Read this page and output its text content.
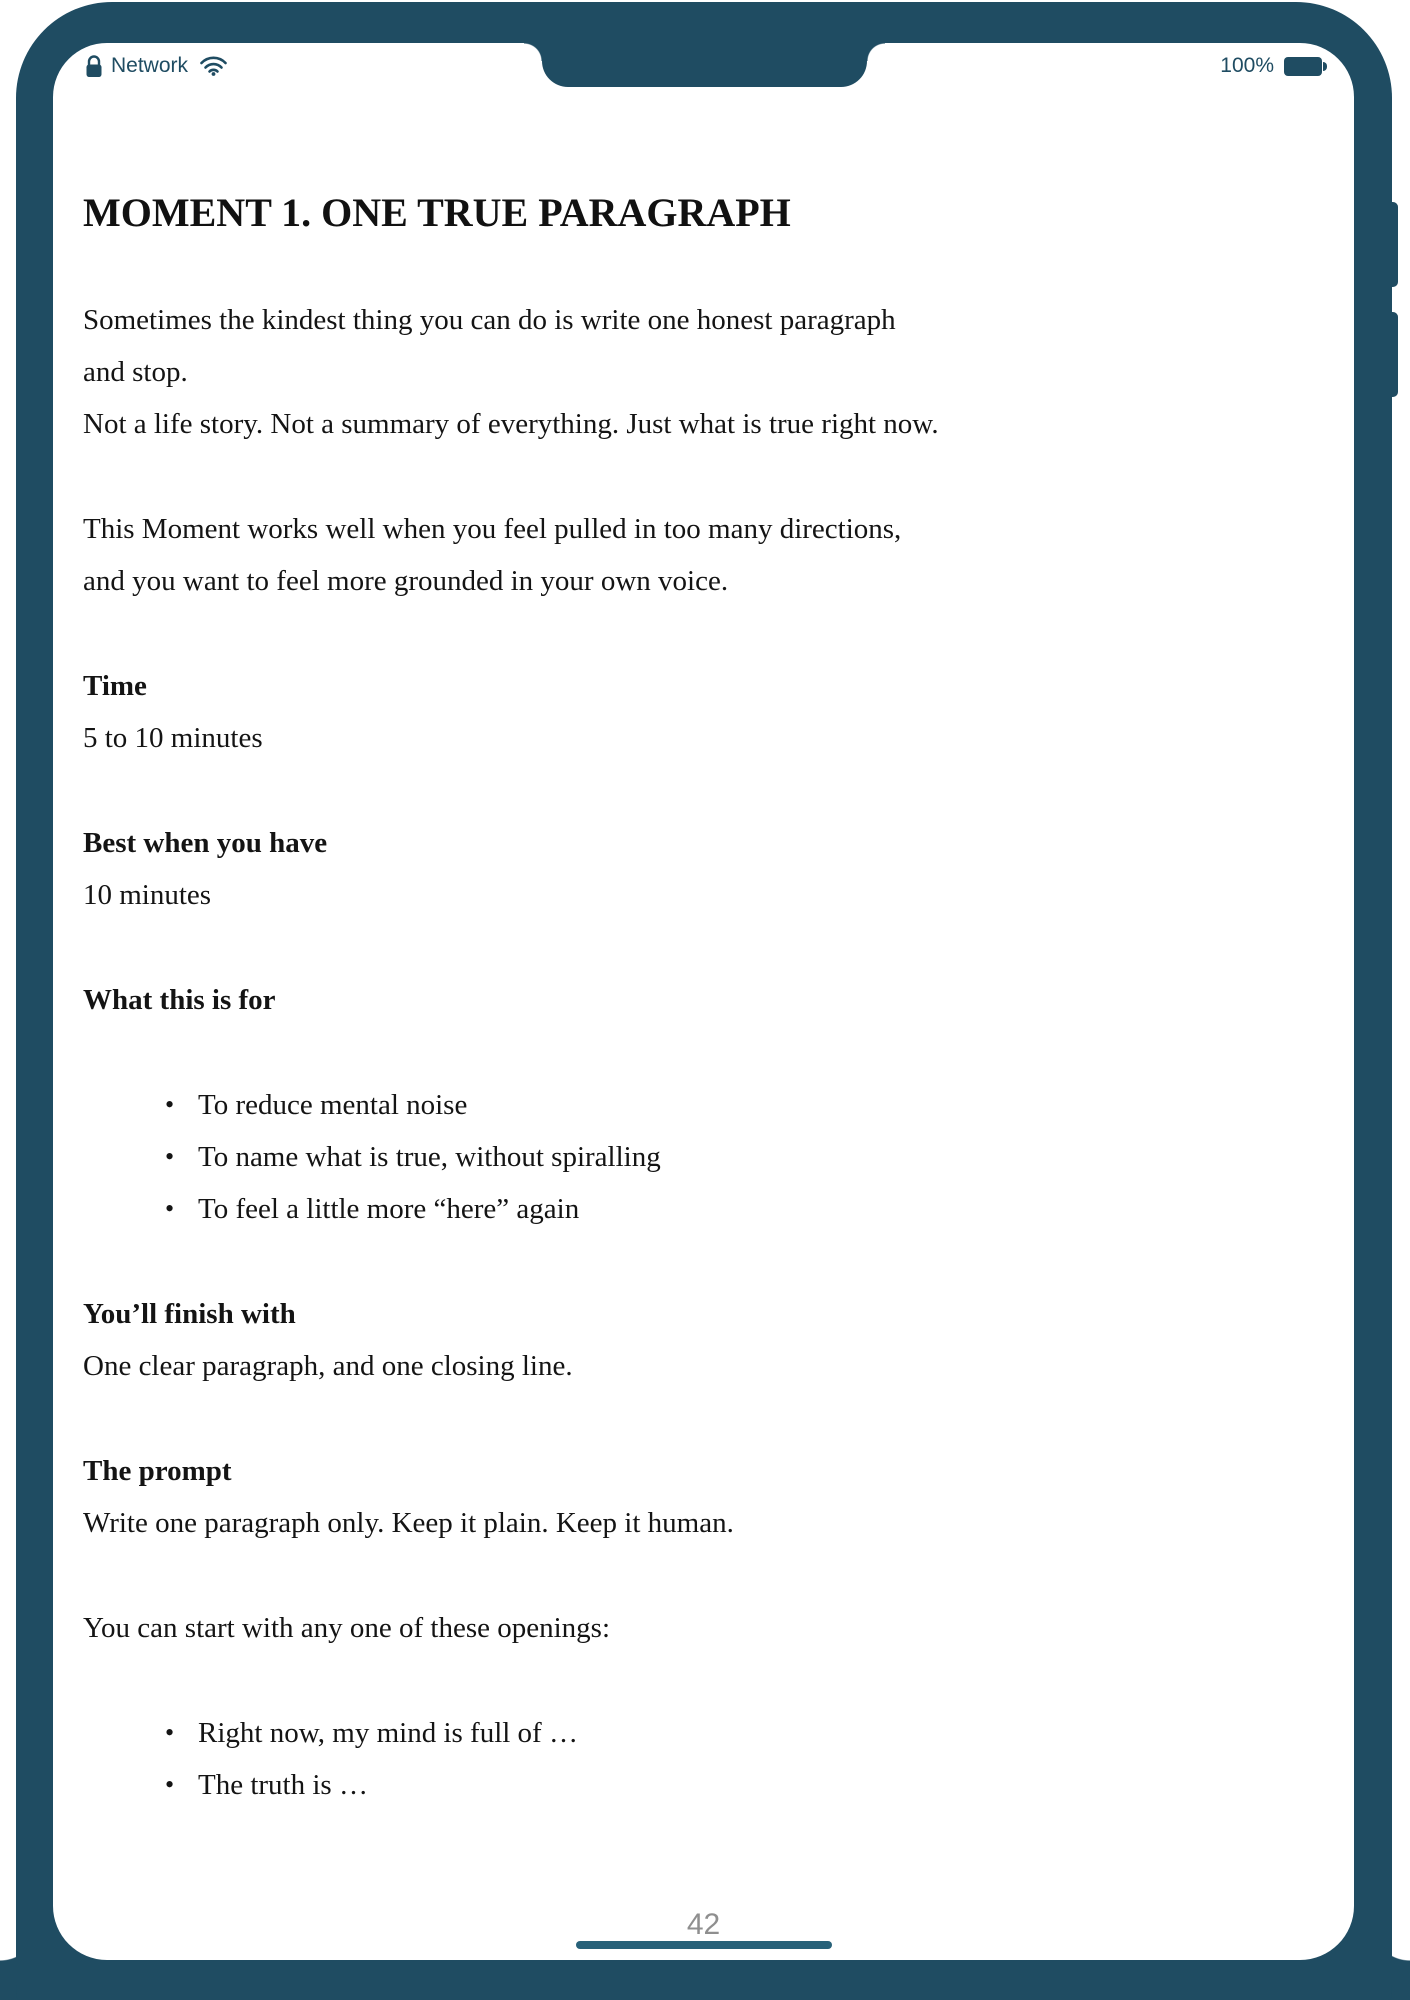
Network	100%
MOMENT 1. ONE TRUE PARAGRAPH
Sometimes the kindest thing you can do is write one honest paragraph
and stop.
Not a life story. Not a summary of everything. Just what is true right now.
This Moment works well when you feel pulled in too many directions,
and you want to feel more grounded in your own voice.
Time
5 to 10 minutes
Best when you have
10 minutes
What this is for
• To reduce mental noise
• To name what is true, without spiralling
• To feel a little more “here” again
You’ll finish with
One clear paragraph, and one closing line.
The prompt
Write one paragraph only. Keep it plain. Keep it human.
You can start with any one of these openings:
• Right now, my mind is full of …
• The truth is …
42
